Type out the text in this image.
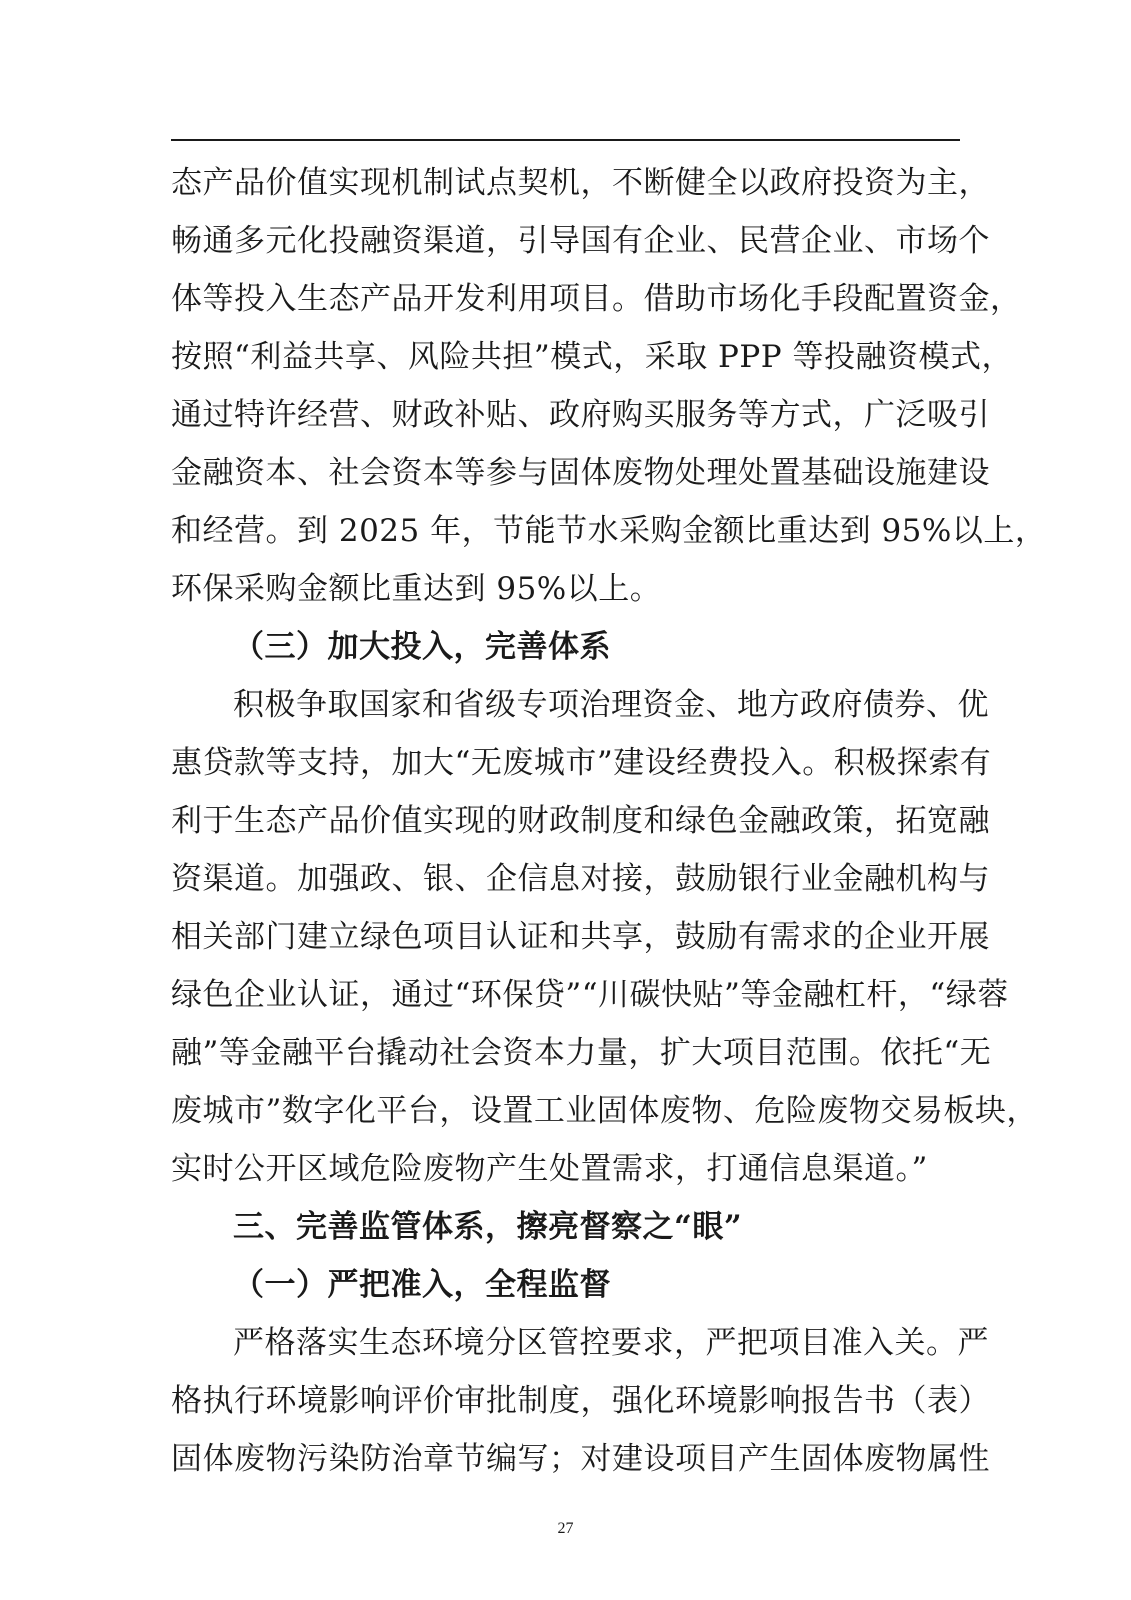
态产品价值实现机制试点契机，不断健全以政府投资为主，
畅通多元化投融资渠道，引导国有企业、民营企业、市场个
体等投入生态产品开发利用项目。借助市场化手段配置资金，
按照“利益共享、风险共担”模式，采取 PPP 等投融资模式，
通过特许经营、财政补贴、政府购买服务等方式，广泛吸引
金融资本、社会资本等参与固体废物处理处置基础设施建设
和经营。到 2025 年，节能节水采购金额比重达到 95%以上，
环保采购金额比重达到 95%以上。
（三）加大投入，完善体系
积极争取国家和省级专项治理资金、地方政府债券、优
惠贷款等支持，加大“无废城市”建设经费投入。积极探索有
利于生态产品价值实现的财政制度和绿色金融政策，拓宽融
资渠道。加强政、银、企信息对接，鼓励银行业金融机构与
相关部门建立绿色项目认证和共享，鼓励有需求的企业开展
绿色企业认证，通过“环保贷”“川碳快贴”等金融杠杆，“绿蓉
融”等金融平台撬动社会资本力量，扩大项目范围。依托“无
废城市”数字化平台，设置工业固体废物、危险废物交易板块，
实时公开区域危险废物产生处置需求，打通信息渠道。”
三、完善监管体系，擦亮督察之“眼”
（一）严把准入，全程监督
严格落实生态环境分区管控要求，严把项目准入关。严
格执行环境影响评价审批制度，强化环境影响报告书（表）
固体废物污染防治章节编写；对建设项目产生固体废物属性
27
